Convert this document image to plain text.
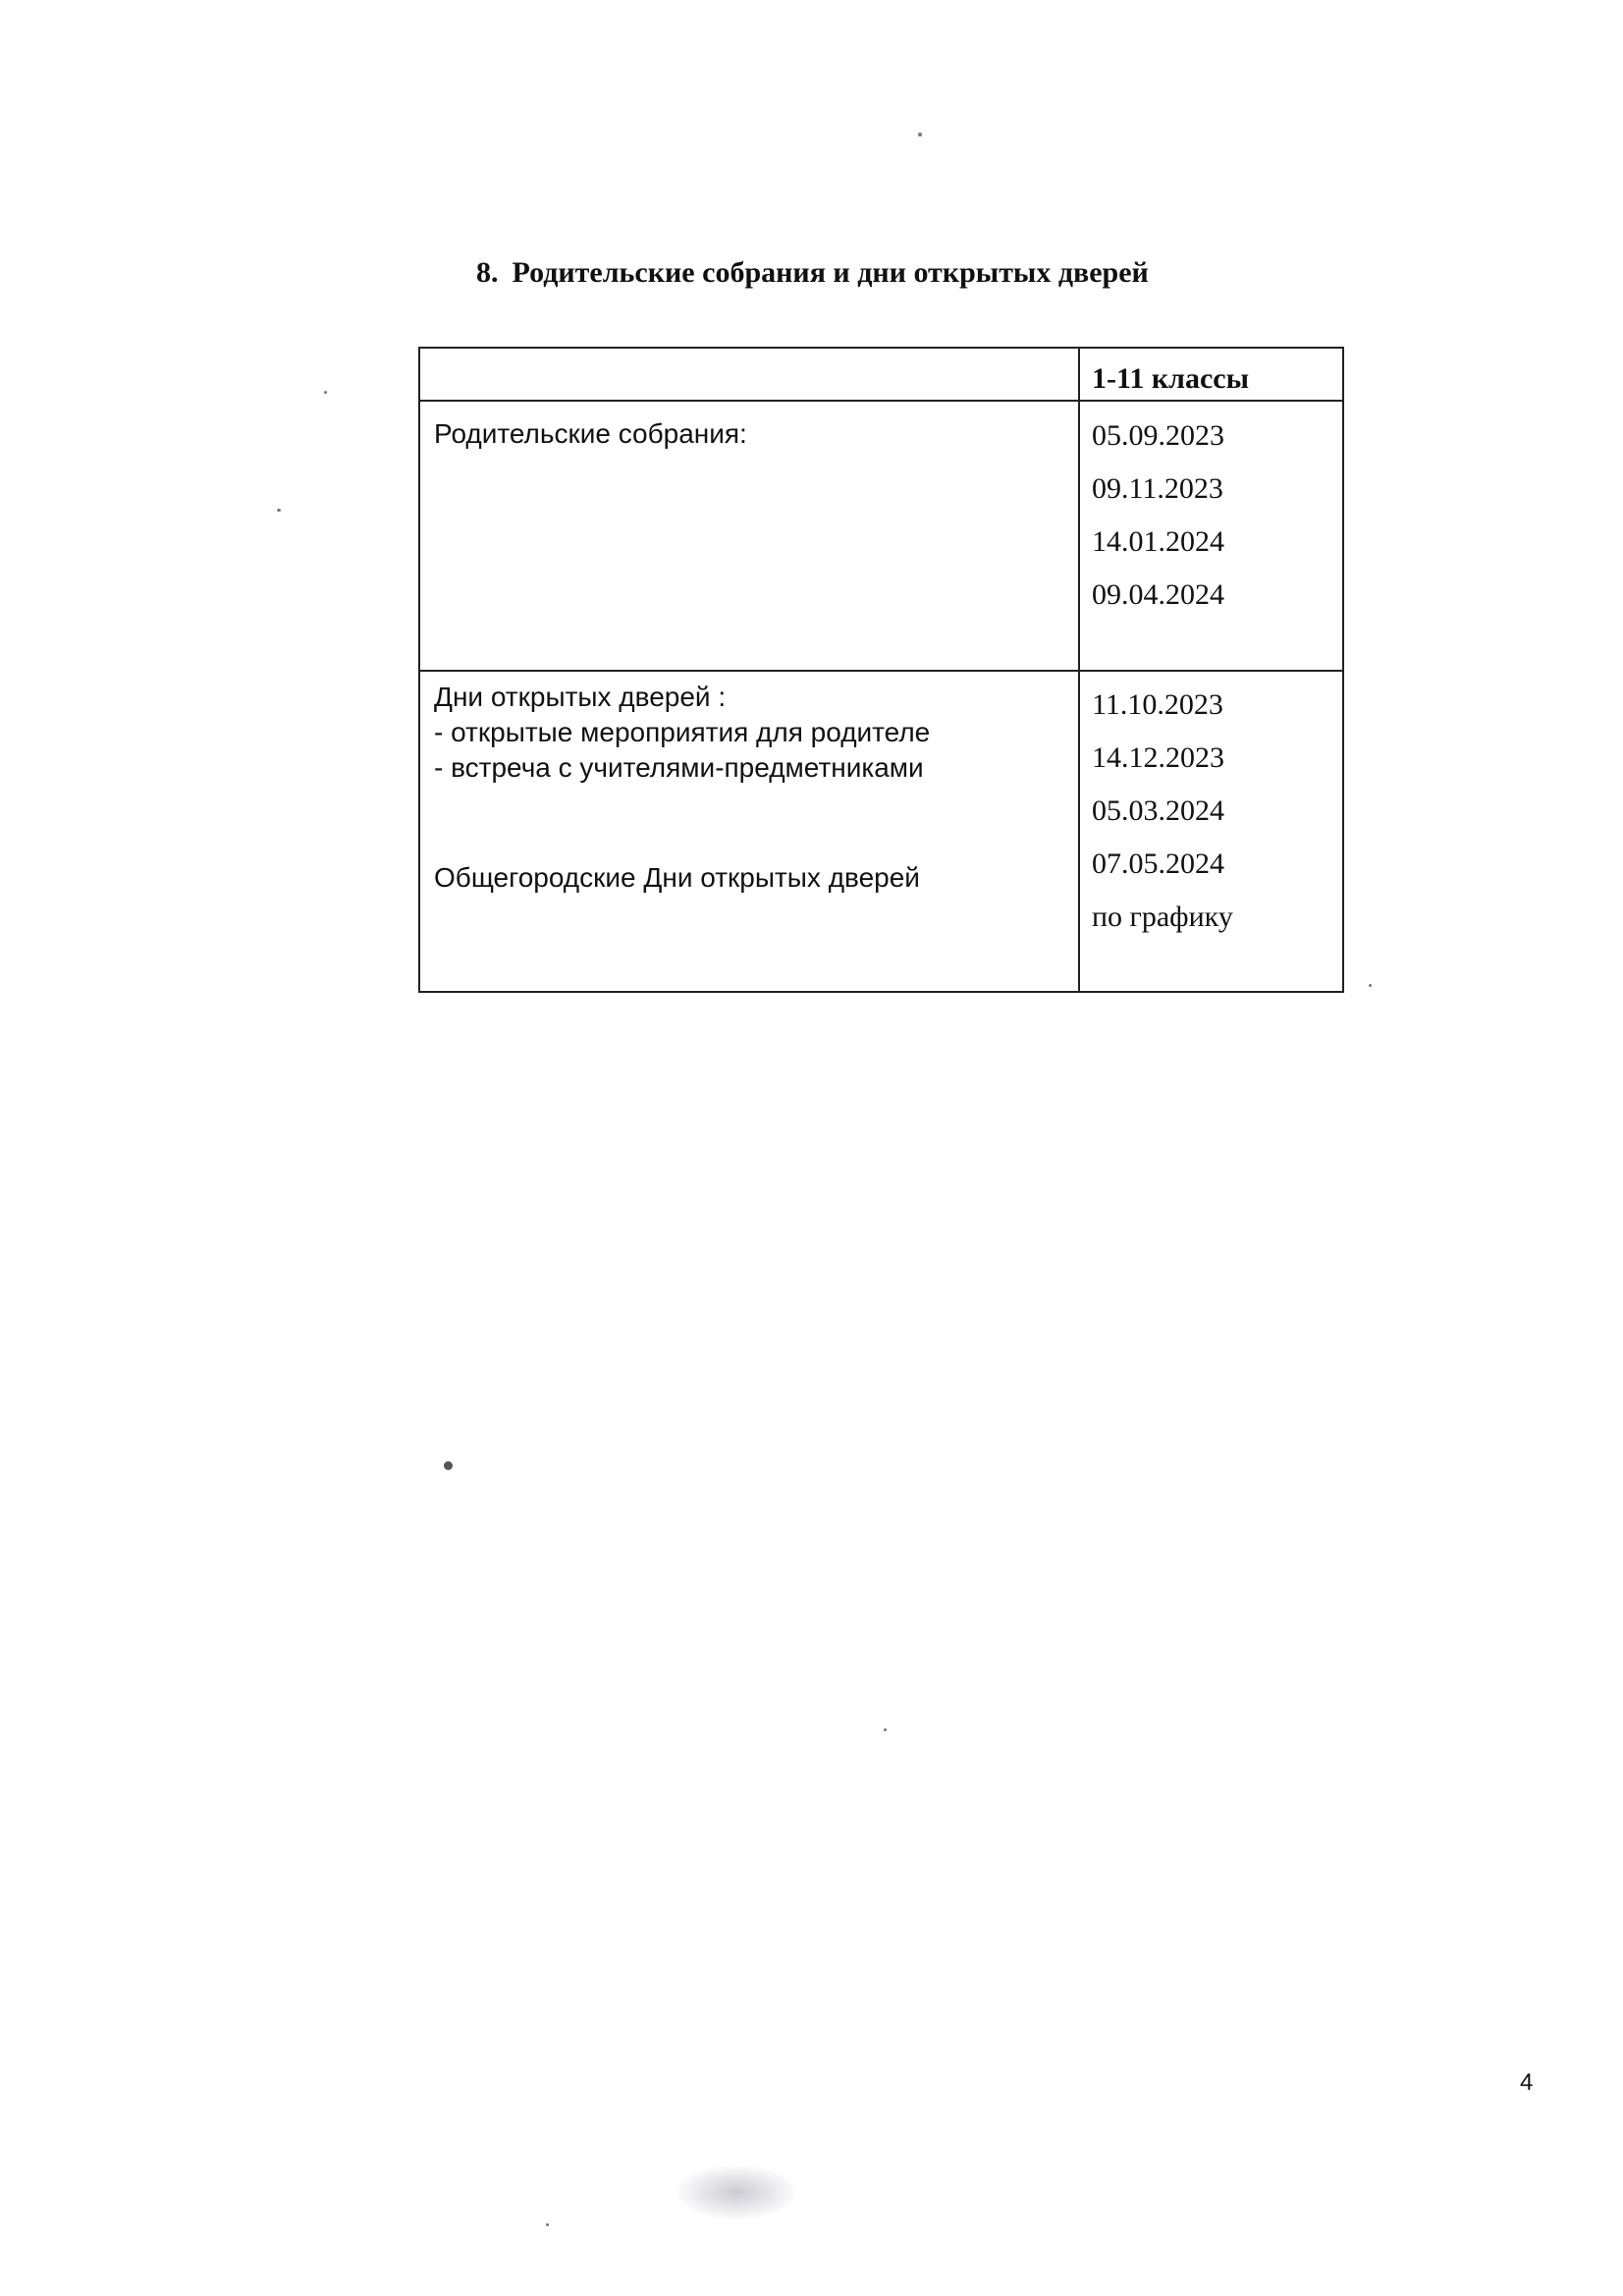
8. Родительские собрания и дни открытых дверей
1-11 классы
Родительские собрания:	05.09.2023
09.11.2023
14.01.2024
09.04.2024
Дни открытых дверей :
- открытые мероприятия для родителе
- встреча с учителями-предметниками
Общегородские Дни открытых дверей
11.10.2023
14.12.2023
05.03.2024
07.05.2024
по графику
4
